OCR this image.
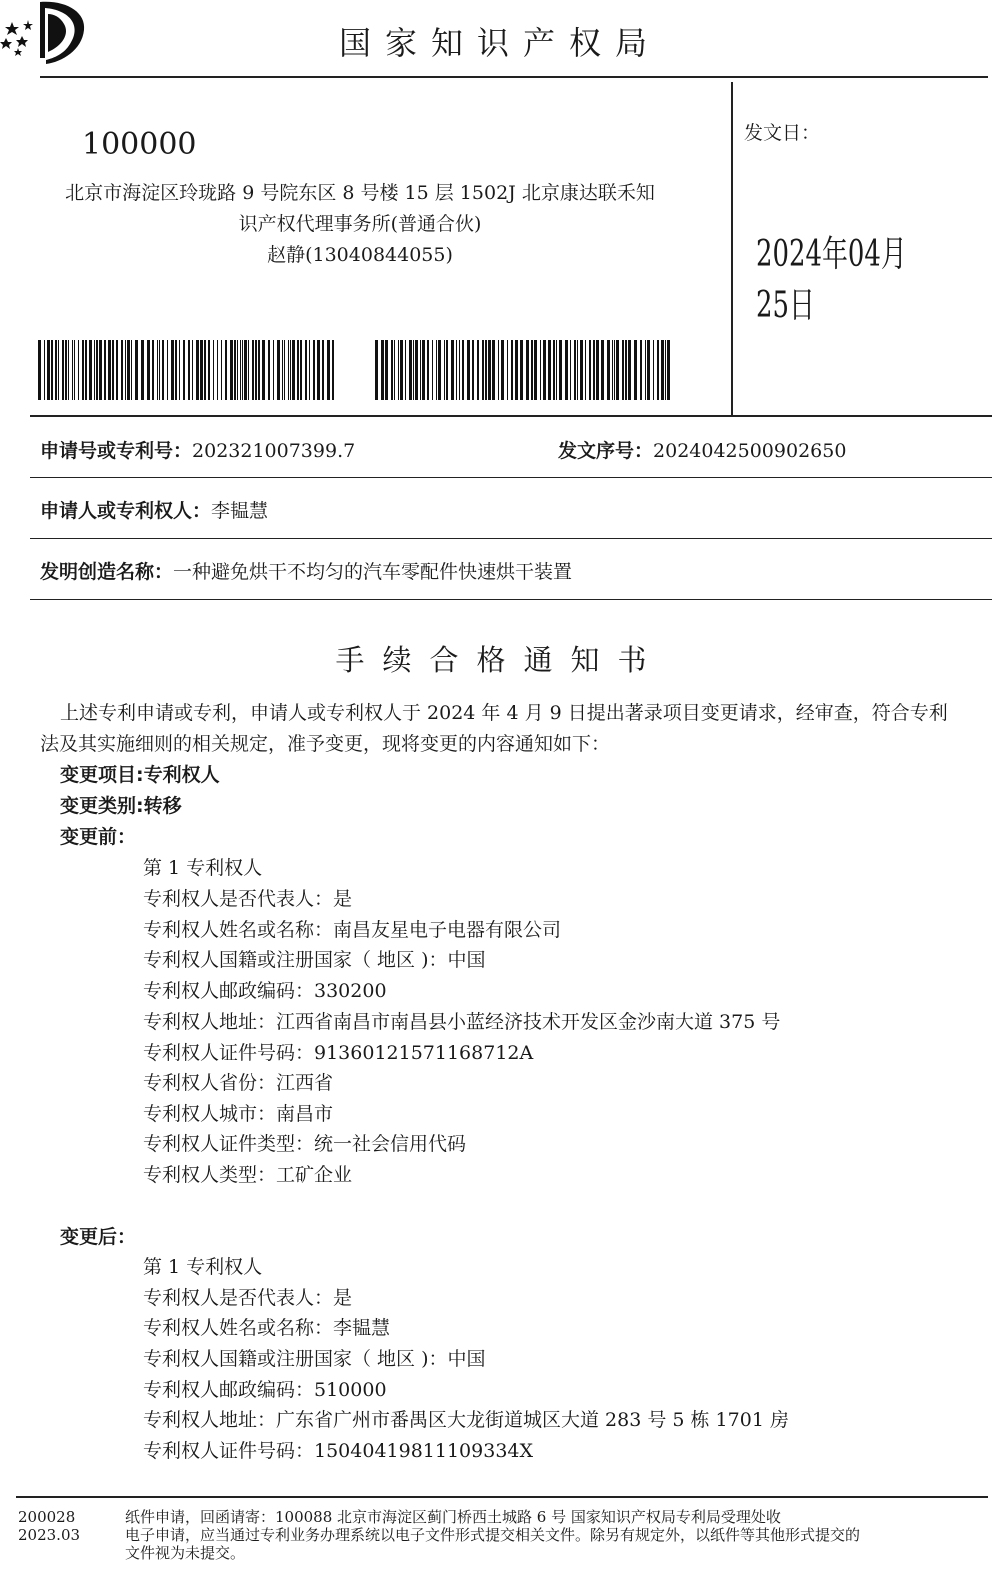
国家知识产权局
100000
北京市海淀区玲珑路 9 号院东区 8 号楼 15 层 1502J 北京康达联禾知
识产权代理事务所(普通合伙)
赵静(13040844055)
发文日：
2024年04月25日
申请号或专利号：202321007399.7	发文序号：2024042500902650
申请人或专利权人：李韫慧
发明创造名称：一种避免烘干不均匀的汽车零配件快速烘干装置
手续合格通知书
上述专利申请或专利，申请人或专利权人于 2024 年 4 月 9 日提出著录项目变更请求，经审查，符合专利
法及其实施细则的相关规定，准予变更，现将变更的内容通知如下：
变更项目:专利权人
变更类别:转移
变更前：
第 1 专利权人
专利权人是否代表人：是
专利权人姓名或名称：南昌友星电子电器有限公司
专利权人国籍或注册国家（ 地区 )：中国
专利权人邮政编码：330200
专利权人地址：江西省南昌市南昌县小蓝经济技术开发区金沙南大道 375 号
专利权人证件号码：91360121571168712A
专利权人省份：江西省
专利权人城市：南昌市
专利权人证件类型：统一社会信用代码
专利权人类型：工矿企业
变更后：
第 1 专利权人
专利权人是否代表人：是
专利权人姓名或名称：李韫慧
专利权人国籍或注册国家（ 地区 )：中国
专利权人邮政编码：510000
专利权人地址：广东省广州市番禺区大龙街道城区大道 283 号 5 栋 1701 房
专利权人证件号码：15040419811109334X
200028
2023.03
纸件申请，回函请寄：100088 北京市海淀区蓟门桥西土城路 6 号 国家知识产权局专利局受理处收
电子申请，应当通过专利业务办理系统以电子文件形式提交相关文件。除另有规定外，以纸件等其他形式提交的
文件视为未提交。
